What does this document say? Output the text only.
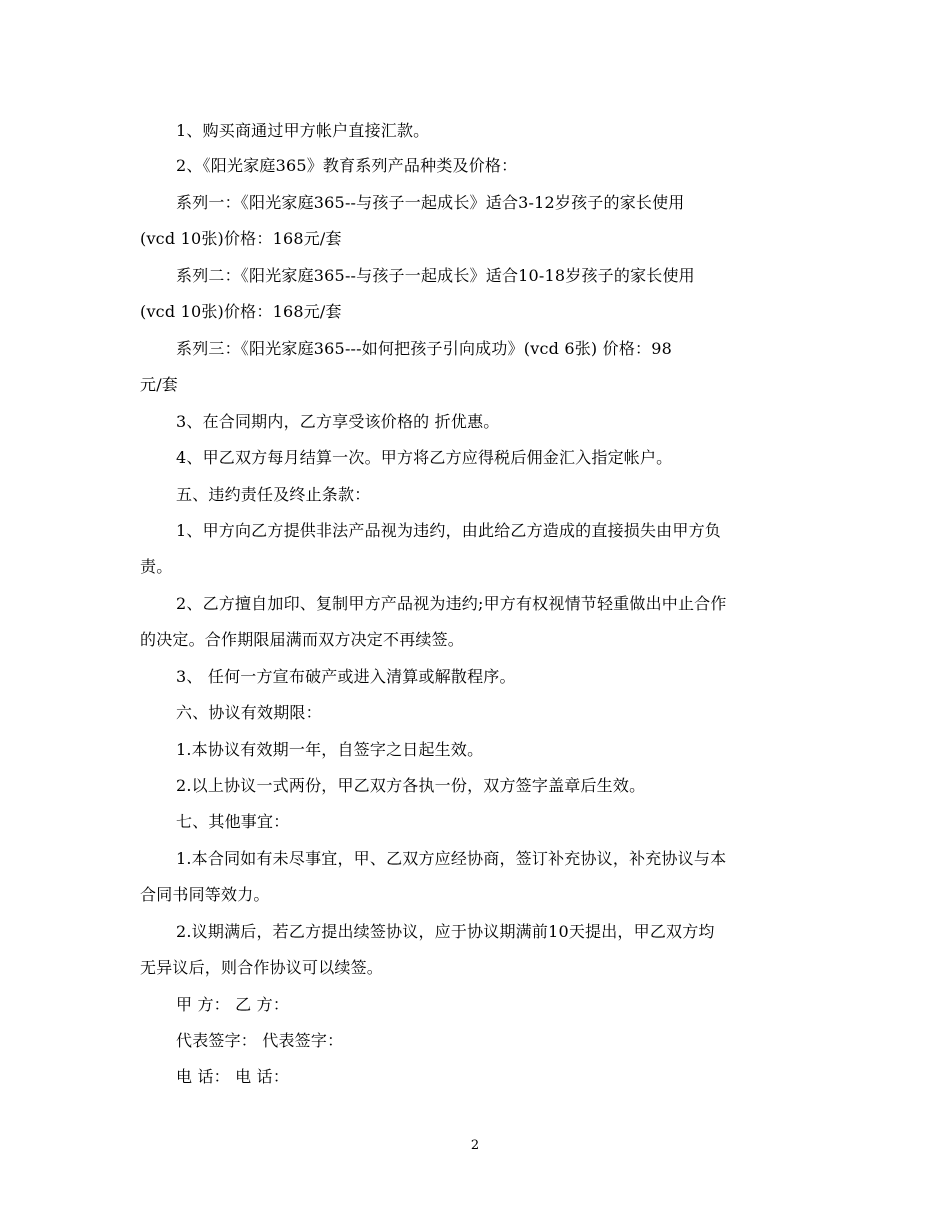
1、购买商通过甲方帐户直接汇款。
2、《阳光家庭365》教育系列产品种类及价格：
系列一：《阳光家庭365--与孩子一起成长》适合3-12岁孩子的家长使用
(vcd 10张)价格：168元/套
系列二：《阳光家庭365--与孩子一起成长》适合10-18岁孩子的家长使用
(vcd 10张)价格：168元/套
系列三：《阳光家庭365---如何把孩子引向成功》(vcd 6张) 价格：98
元/套
3、在合同期内，乙方享受该价格的 折优惠。
4、甲乙双方每月结算一次。甲方将乙方应得税后佣金汇入指定帐户。
五、违约责任及终止条款：
1、甲方向乙方提供非法产品视为违约，由此给乙方造成的直接损失由甲方负
责。
2、乙方擅自加印、复制甲方产品视为违约;甲方有权视情节轻重做出中止合作
的决定。合作期限届满而双方决定不再续签。
3、 任何一方宣布破产或进入清算或解散程序。
六、协议有效期限：
1.本协议有效期一年，自签字之日起生效。
2.以上协议一式两份，甲乙双方各执一份，双方签字盖章后生效。
七、其他事宜：
1.本合同如有未尽事宜，甲、乙双方应经协商，签订补充协议，补充协议与本
合同书同等效力。
2.议期满后，若乙方提出续签协议，应于协议期满前10天提出，甲乙双方均
无异议后，则合作协议可以续签。
甲 方： 乙 方：
代表签字： 代表签字：
电 话： 电 话：
2
